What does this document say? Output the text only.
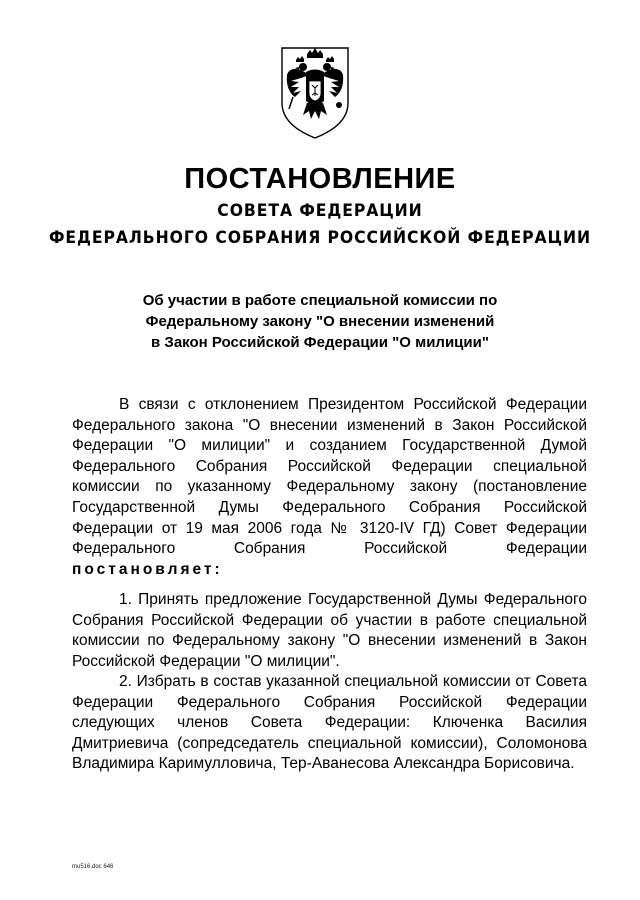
ПОСТАНОВЛЕНИЕ
СОВЕТА ФЕДЕРАЦИИ
ФЕДЕРАЛЬНОГО СОБРАНИЯ РОССИЙСКОЙ ФЕДЕРАЦИИ
Об участии в работе специальной комиссии по
Федеральному закону "О внесении изменений
в Закон Российской Федерации "О милиции"

В связи с отклонением Президентом Российской Федерации Федерального закона "О внесении изменений в Закон Российской Федерации "О милиции" и созданием Государственной Думой Федерального Собрания Российской Федерации специальной комиссии по указанному Федеральному закону (постановление Государственной Думы Федерального Собрания Российской Федерации от 19 мая 2006 года № 3120-IV ГД) Совет Федерации Федерального Собрания Российской Федерации

постановляет:

1. Принять предложение Государственной Думы Федерального Собрания Российской Федерации об участии в работе специальной комиссии по Федеральному закону "О внесении изменений в Закон Российской Федерации "О милиции".

2. Избрать в состав указанной специальной комиссии от Совета Федерации Федерального Собрания Российской Федерации следующих членов Совета Федерации: Ключенка Василия Дмитриевича (сопредседатель специальной комиссии), Соломонова Владимира Каримулловича, Тер-Аванесова Александра Борисовича.

mu516.doc 646
